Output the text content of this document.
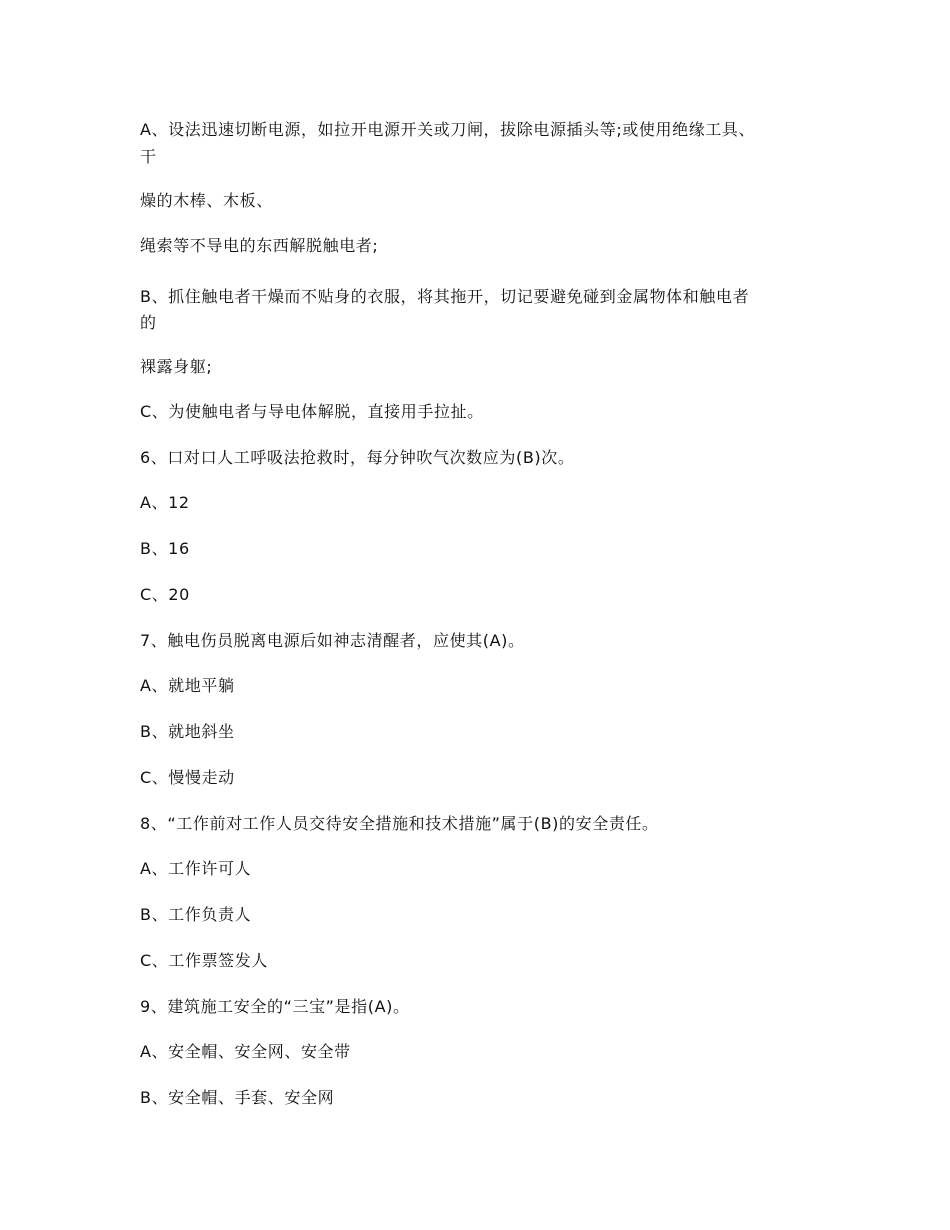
A、设法迅速切断电源，如拉开电源开关或刀闸，拔除电源插头等;或使用绝缘工具、
干
燥的木棒、木板、
绳索等不导电的东西解脱触电者;
B、抓住触电者干燥而不贴身的衣服，将其拖开，切记要避免碰到金属物体和触电者
的
裸露身躯;
C、为使触电者与导电体解脱，直接用手拉扯。
6、口对口人工呼吸法抢救时，每分钟吹气次数应为(B)次。
A、12
B、16
C、20
7、触电伤员脱离电源后如神志清醒者，应使其(A)。
A、就地平躺
B、就地斜坐
C、慢慢走动
8、“工作前对工作人员交待安全措施和技术措施”属于(B)的安全责任。
A、工作许可人
B、工作负责人
C、工作票签发人
9、建筑施工安全的“三宝”是指(A)。
A、安全帽、安全网、安全带
B、安全帽、手套、安全网
